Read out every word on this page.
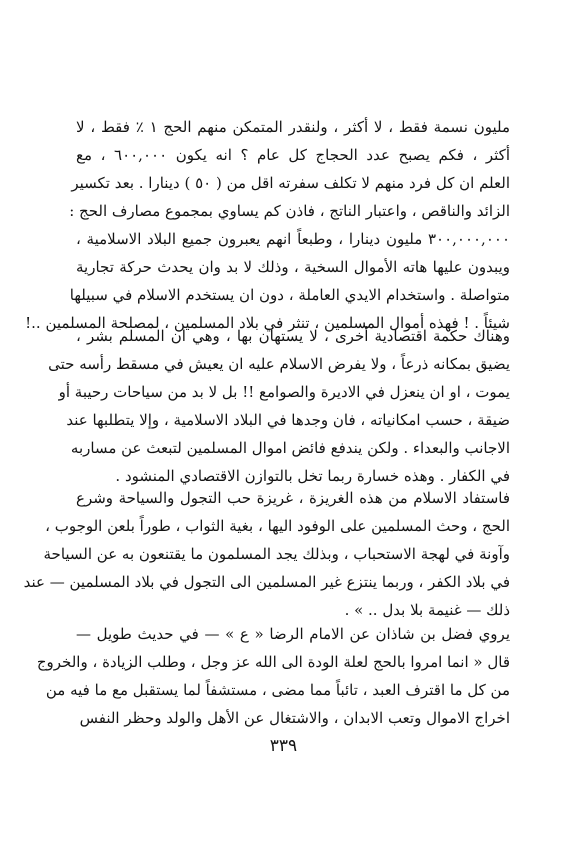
مليون نسمة فقط ، لا أكثر ، ولنقدر المتمكن منهم الحج ١ ٪ فقط ، لا
أكثر ، فكم يصبح عدد الحجاج كل عام ؟ انه يكون ٦٠٠,٠٠٠ ، مع
العلم ان كل فرد منهم لا تكلف سفرته اقل من ( ٥٠ ) دينارا . بعد تكسير
الزائد والناقص ، واعتبار الناتج ، فاذن كم يساوي بمجموع مصارف الحج :
٣٠٠,٠٠٠,٠٠٠ مليون دينارا ، وطبعاً انهم يعبرون جميع البلاد الاسلامية ،
ويبدون عليها هاته الأموال السخية ، وذلك لا بد وان يحدث حركة تجارية
متواصلة . واستخدام الايدي العاملة ، دون ان يستخدم الاسلام في سبيلها
شيئاً . ! فهذه أموال المسلمين ، تنثر في بلاد المسلمين ، لمصلحة المسلمين ..!

وهناك حكمة اقتصادية أخرى ، لا يستهان بها ، وهي ان المسلم بشر ،
يضيق بمكانه ذرعاً ، ولا يفرض الاسلام عليه ان يعيش في مسقط رأسه حتى
يموت ، او ان ينعزل في الاديرة والصوامع !! بل لا بد من سياحات رحيبة أو
ضيقة ، حسب امكانياته ، فان وجدها في البلاد الاسلامية ، وإلا يتطلبها عند
الاجانب والبعداء . ولكن يندفع فائض اموال المسلمين لتبعث عن مساربه
في الكفار . وهذه خسارة ربما تخل بالتوازن الاقتصادي المنشود .

فاستفاد الاسلام من هذه الغريزة ، غريزة حب التجول والسياحة وشرع
الحج ، وحث المسلمين على الوفود اليها ، بغية الثواب ، طوراً بلعن الوجوب ،
وآونة في لهجة الاستحباب ، وبذلك يجد المسلمون ما يقتنعون به عن السياحة
في بلاد الكفر ، وربما ينتزع غير المسلمين الى التجول في بلاد المسلمين — عند
ذلك — غنيمة بلا بدل .. » .

يروي فضل بن شاذان عن الامام الرضا « ع » — في حديث طويل —
قال « انما امروا بالحج لعلة الودة الى الله عز وجل ، وطلب الزيادة ، والخروج
من كل ما اقترف العبد ، تائباً مما مضى ، مستشفاً لما يستقبل مع ما فيه من
اخراج الاموال وتعب الابدان ، والاشتغال عن الأهل والولد وحظر النفس

٣٣٩
